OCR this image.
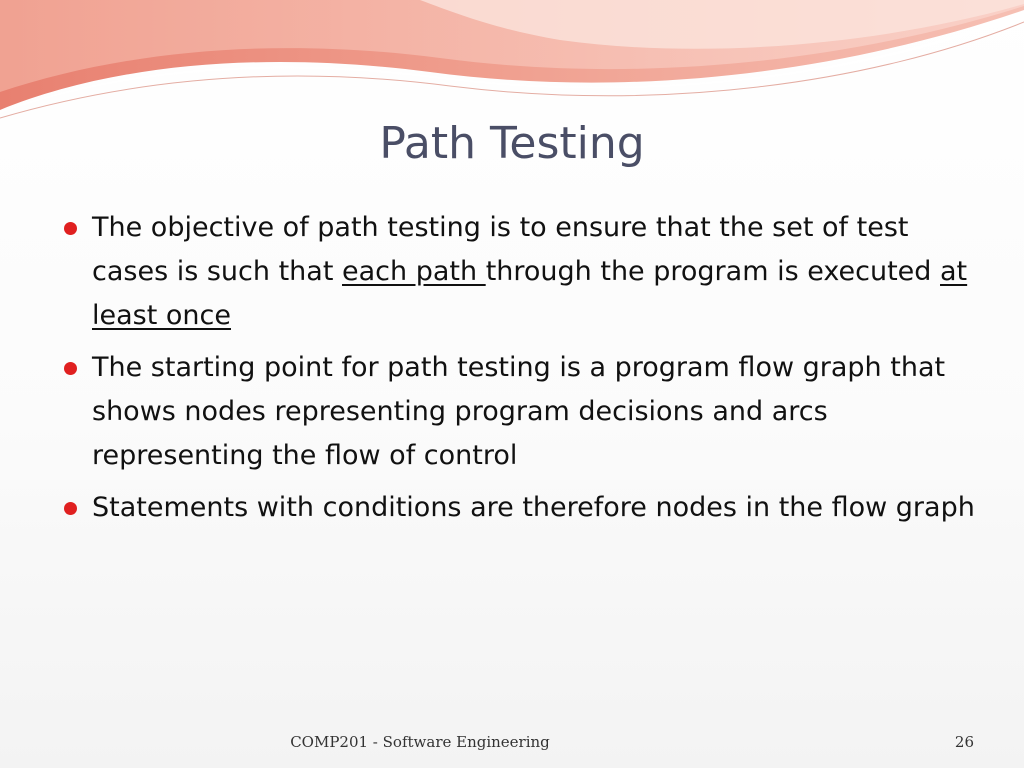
Path Testing
The objective of path testing is to ensure that the set of test cases is such that each path through the program is executed at least once
The starting point for path testing is a program flow graph that shows nodes representing program decisions and arcs representing the flow of control
Statements with conditions are therefore nodes in the flow graph
COMP201 - Software Engineering	26
